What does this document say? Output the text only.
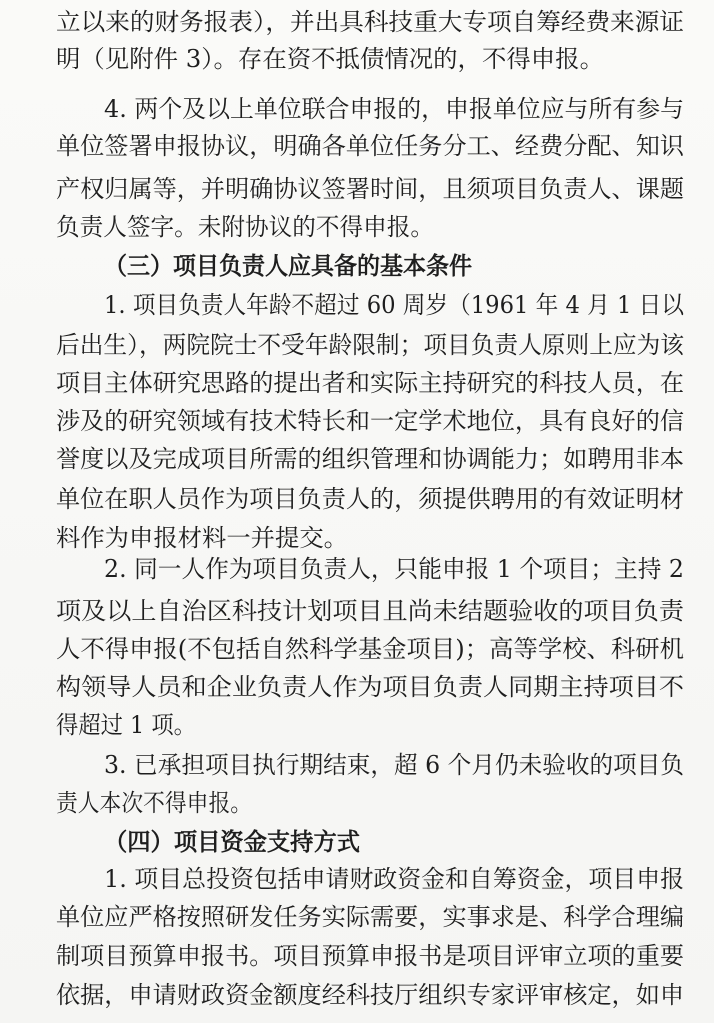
立以来的财务报表），并出具科技重大专项自筹经费来源证
明（见附件 3）。存在资不抵债情况的，不得申报。
4. 两个及以上单位联合申报的，申报单位应与所有参与
单位签署申报协议，明确各单位任务分工、经费分配、知识
产权归属等，并明确协议签署时间，且须项目负责人、课题
负责人签字。未附协议的不得申报。
（三）项目负责人应具备的基本条件
1. 项目负责人年龄不超过 60 周岁（1961 年 4 月 1 日以
后出生），两院院士不受年龄限制；项目负责人原则上应为该
项目主体研究思路的提出者和实际主持研究的科技人员，在
涉及的研究领域有技术特长和一定学术地位，具有良好的信
誉度以及完成项目所需的组织管理和协调能力；如聘用非本
单位在职人员作为项目负责人的，须提供聘用的有效证明材
料作为申报材料一并提交。
2. 同一人作为项目负责人，只能申报 1 个项目；主持 2
项及以上自治区科技计划项目且尚未结题验收的项目负责
人不得申报(不包括自然科学基金项目)；高等学校、科研机
构领导人员和企业负责人作为项目负责人同期主持项目不
得超过 1 项。
3. 已承担项目执行期结束，超 6 个月仍未验收的项目负
责人本次不得申报。
（四）项目资金支持方式
1. 项目总投资包括申请财政资金和自筹资金，项目申报
单位应严格按照研发任务实际需要，实事求是、科学合理编
制项目预算申报书。项目预算申报书是项目评审立项的重要
依据，申请财政资金额度经科技厅组织专家评审核定，如申
